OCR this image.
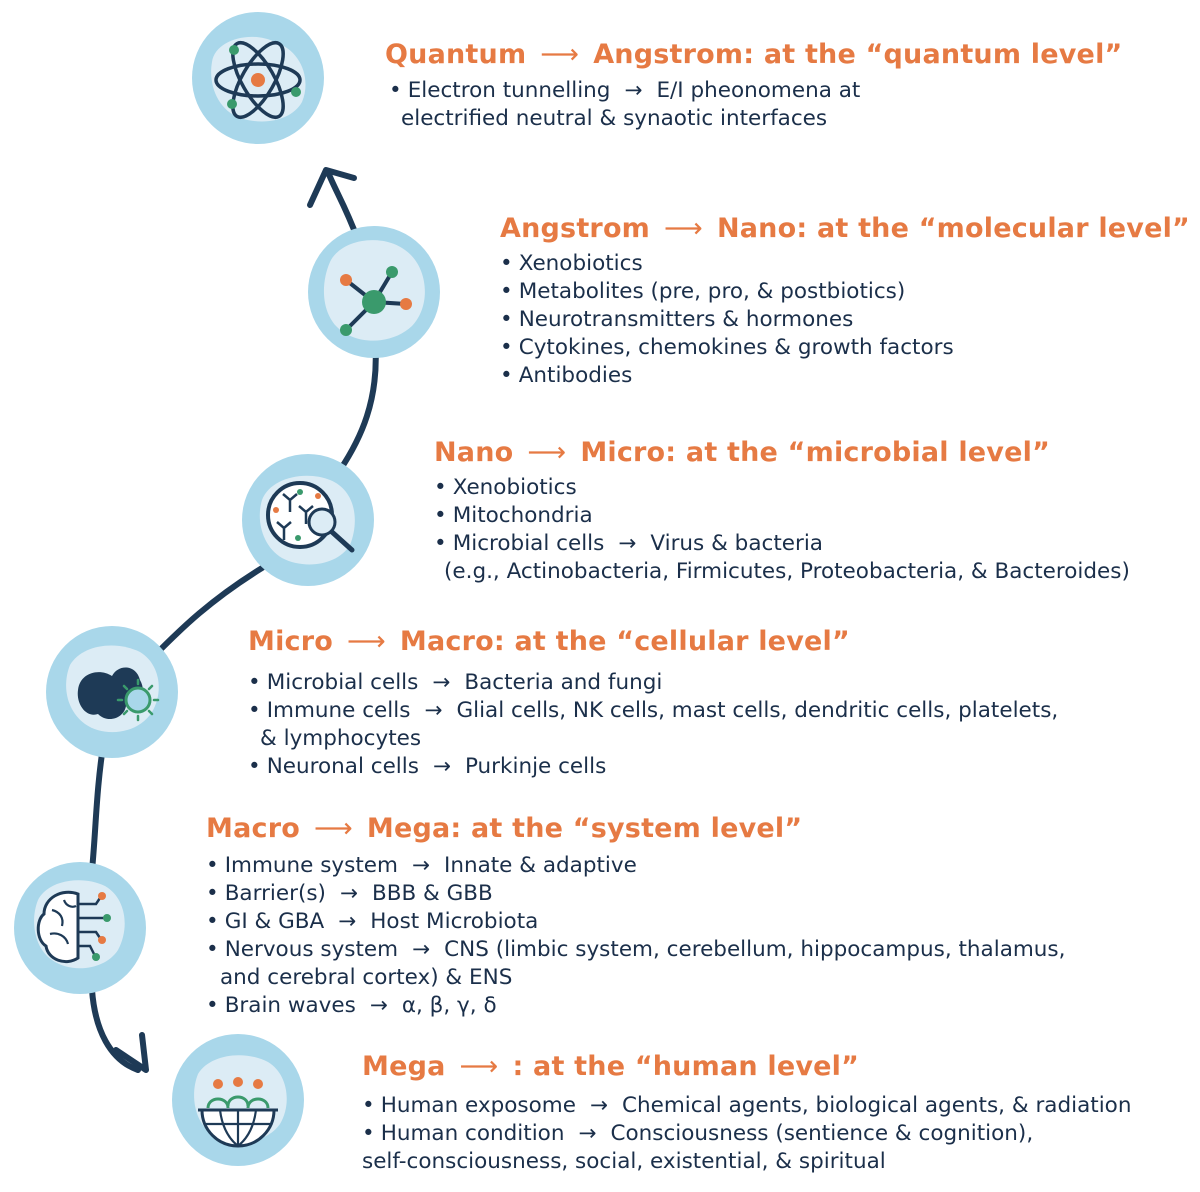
Quantum ⟶ Angstrom: at the “quantum level”
• Electron tunnelling → E/I pheonomena at
electrified neutral & synaotic interfaces
Angstrom ⟶ Nano: at the “molecular level”
• Xenobiotics
• Metabolites (pre, pro, & postbiotics)
• Neurotransmitters & hormones
• Cytokines, chemokines & growth factors
• Antibodies
Nano ⟶ Micro: at the “microbial level”
• Xenobiotics
• Mitochondria
• Microbial cells → Virus & bacteria
(e.g., Actinobacteria, Firmicutes, Proteobacteria, & Bacteroides)
Micro ⟶ Macro: at the “cellular level”
• Microbial cells → Bacteria and fungi
• Immune cells → Glial cells, NK cells, mast cells, dendritic cells, platelets,
& lymphocytes
• Neuronal cells → Purkinje cells
Macro ⟶ Mega: at the “system level”
• Immune system → Innate & adaptive
• Barrier(s) → BBB & GBB
• GI & GBA → Host Microbiota
• Nervous system → CNS (limbic system, cerebellum, hippocampus, thalamus,
and cerebral cortex) & ENS
• Brain waves → α, β, γ, δ
Mega ⟶ : at the “human level”
• Human exposome → Chemical agents, biological agents, & radiation
• Human condition → Consciousness (sentience & cognition),
self-consciousness, social, existential, & spiritual
